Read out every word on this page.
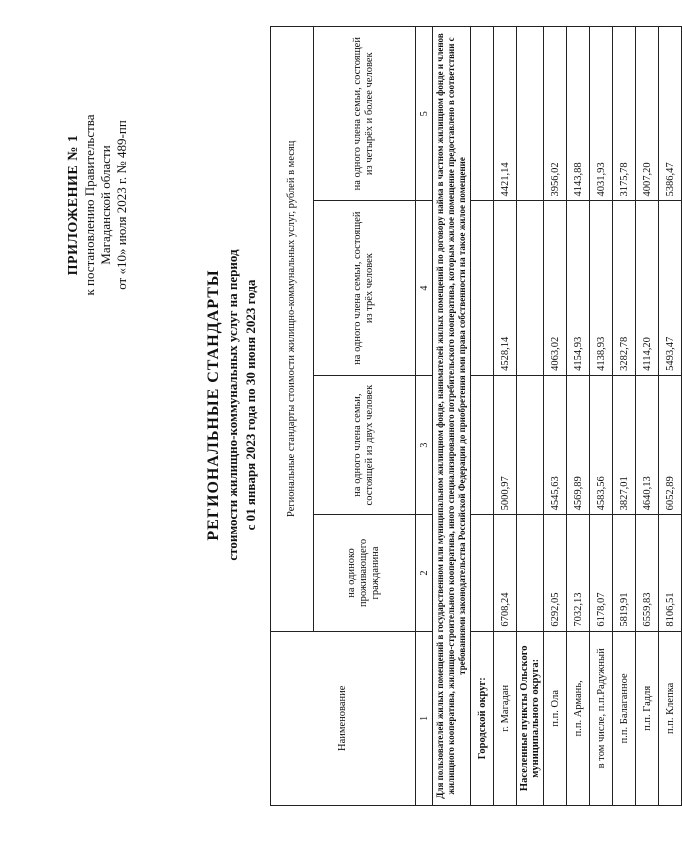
ПРИЛОЖЕНИЕ № 1 к постановлению Правительства Магаданской области от «10» июля 2023 г. № 489-пп
РЕГИОНАЛЬНЫЕ СТАНДАРТЫ стоимости жилищно-коммунальных услуг на период с 01 января 2023 года по 30 июня 2023 года
Наименование	Региональные стандарты стоимости жилищно-коммунальных услуг, рублей в месяц			
	на одиноко проживающего гражданина	на одного члена семьи, состоящей из двух человек	на одного члена семьи, состоящей из трёх человек	на одного члена семьи, состоящей из четырёх и более человек
1	2	3	4	5
Для пользователей жилых помещений в государственном или муниципальном жилищном фонде, нанимателей жилых помещений по договору найма в частном жилищном фонде и членов жилищного кооператива, жилищно-строительного кооператива, иного специализированного потребительского кооператива, которым жилое помещение предоставлено в соответствии с требованиями законодательства Российской Федерации до приобретения ими права собственности на такое жилое помещение				
Городской округ:				
г. Магадан	6708,24	5000,97	4528,14	4421,14
Населенные пункты Ольского муниципального округа:				
п.п. Ола	6292,05	4545,63	4063,02	3956,02
п.п. Армань,	7032,13	4569,89	4154,93	4143,88
в том числе, п.п.Радужный	6178,07	4583,56	4138,93	4031,93
п.п. Балаганное	5819,91	3827,01	3282,78	3175,78
п.п. Гадля	6559,83	4640,13	4114,20	4007,20
п.п. Клепка	8106,51	6052,89	5493,47	5386,47
